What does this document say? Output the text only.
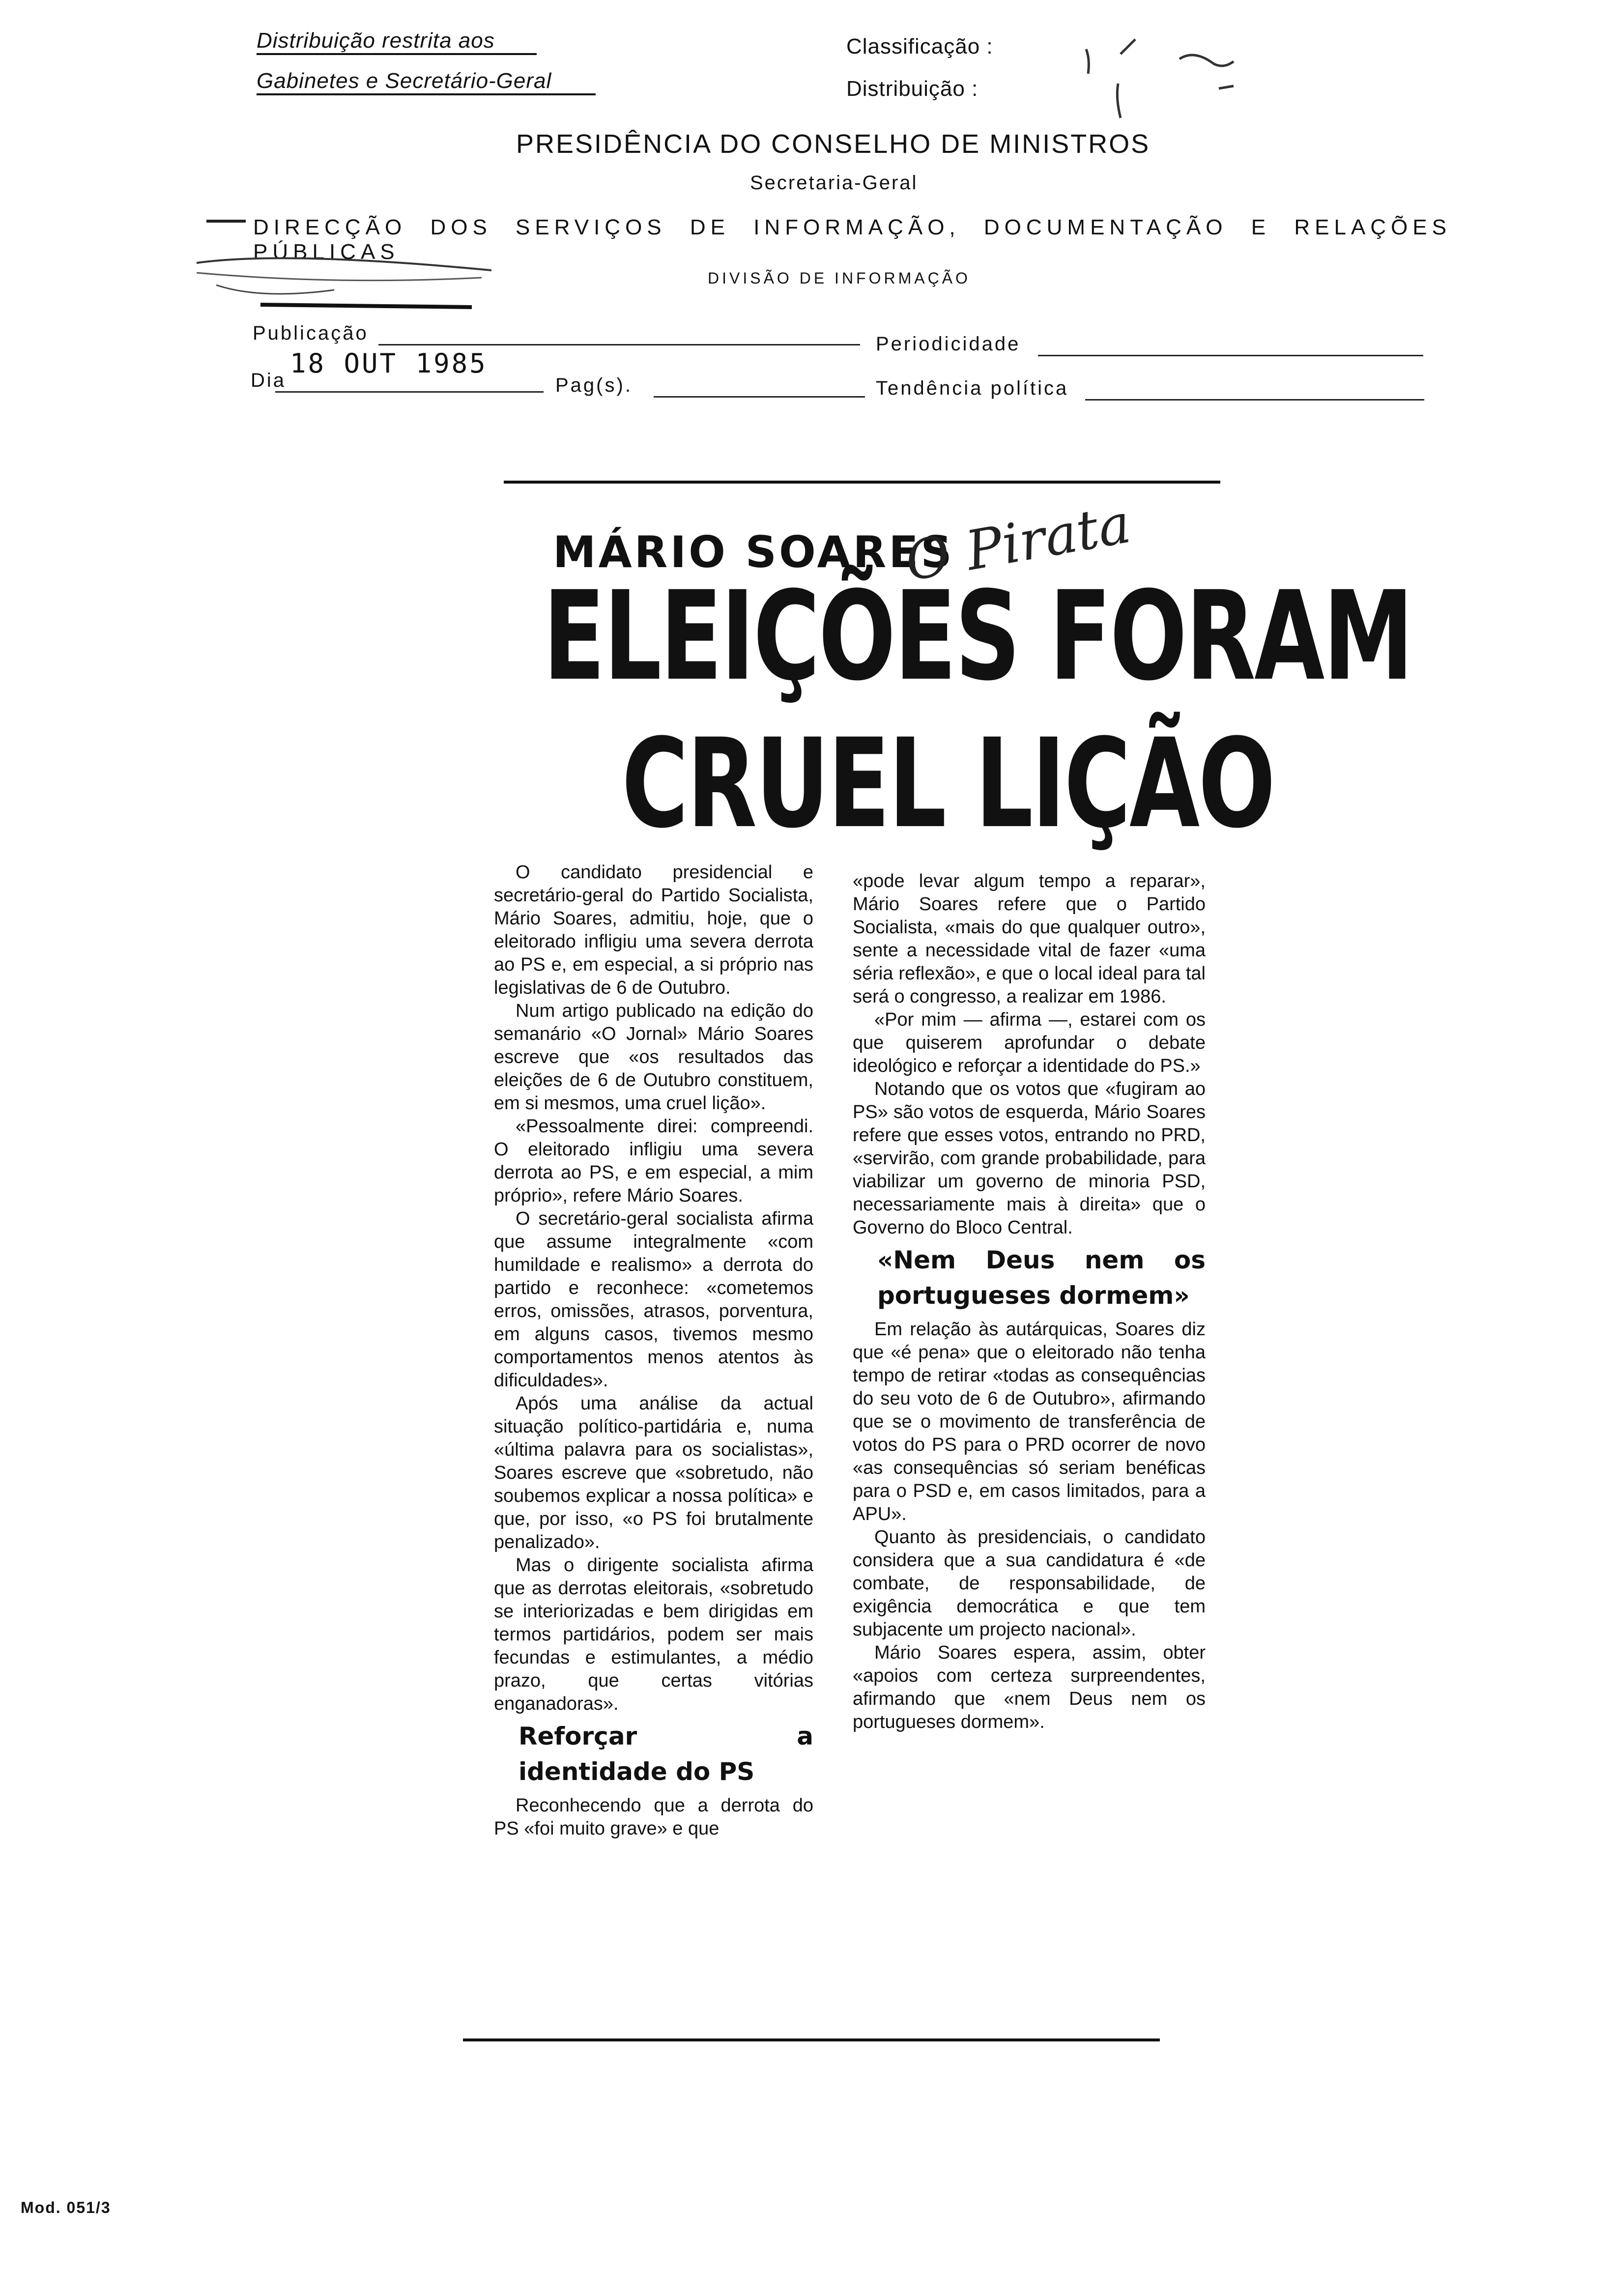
Distribuição restrita aos
Gabinetes e Secretário-Geral
Classificação :
Distribuição :
PRESIDÊNCIA DO CONSELHO DE MINISTROS
Secretaria-Geral
DIRECÇÃO DOS SERVIÇOS DE INFORMAÇÃO, DOCUMENTAÇÃO E RELAÇÕES PÚBLICAS
DIVISÃO DE INFORMAÇÃO
Publicação	Periodicidade
Dia
18 OUT 1985
Pag(s).	Tendência política
MÁRIO SOARES
O Pirata
ELEIÇÕES FORAM
CRUEL LIÇÃO

O candidato presidencial e secretário-geral do Partido Socialista, Mário Soares, admitiu, hoje, que o eleitorado infligiu uma severa derrota ao PS e, em especial, a si próprio nas legislativas de 6 de Outubro.

Num artigo publicado na edição do semanário «O Jornal» Mário Soares escreve que «os resultados das eleições de 6 de Outubro constituem, em si mesmos, uma cruel lição».

«Pessoalmente direi: compreendi. O eleitorado infligiu uma severa derrota ao PS, e em especial, a mim próprio», refere Mário Soares.

O secretário-geral socialista afirma que assume integralmente «com humildade e realismo» a derrota do partido e reconhece: «cometemos erros, omissões, atrasos, porventura, em alguns casos, tivemos mesmo comportamentos menos atentos às dificuldades».

Após uma análise da actual situação político-partidária e, numa «última palavra para os socialistas», Soares escreve que «sobretudo, não soubemos explicar a nossa política» e que, por isso, «o PS foi brutalmente penalizado».

Mas o dirigente socialista afirma que as derrotas eleitorais, «sobretudo se interiorizadas e bem dirigidas em termos partidários, podem ser mais fecundas e estimulantes, a médio prazo, que certas vitórias enganadoras».

Reforçar a identidade do PS

Reconhecendo que a derrota do PS «foi muito grave» e que

«pode levar algum tempo a reparar», Mário Soares refere que o Partido Socialista, «mais do que qualquer outro», sente a necessidade vital de fazer «uma séria reflexão», e que o local ideal para tal será o congresso, a realizar em 1986.

«Por mim — afirma —, estarei com os que quiserem aprofundar o debate ideológico e reforçar a identidade do PS.»

Notando que os votos que «fugiram ao PS» são votos de esquerda, Mário Soares refere que esses votos, entrando no PRD, «servirão, com grande probabilidade, para viabilizar um governo de minoria PSD, necessariamente mais à direita» que o Governo do Bloco Central.

«Nem Deus nem os portugueses dormem»

Em relação às autárquicas, Soares diz que «é pena» que o eleitorado não tenha tempo de retirar «todas as consequências do seu voto de 6 de Outubro», afirmando que se o movimento de transferência de votos do PS para o PRD ocorrer de novo «as consequências só seriam benéficas para o PSD e, em casos limitados, para a APU».

Quanto às presidenciais, o candidato considera que a sua candidatura é «de combate, de responsabilidade, de exigência democrática e que tem subjacente um projecto nacional».

Mário Soares espera, assim, obter «apoios com certeza surpreendentes, afirmando que «nem Deus nem os portugueses dormem».

Mod. 051/3
